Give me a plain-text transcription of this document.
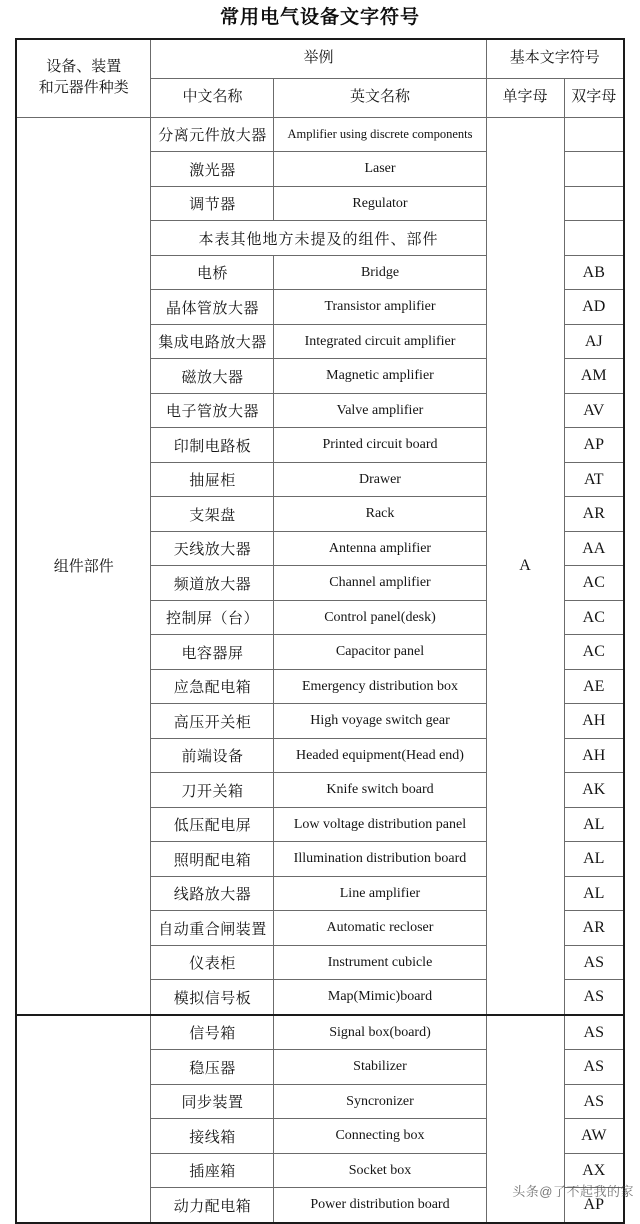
常用电气设备文字符号
设备、装置
和元器件种类	举例		基本文字符号	
	中文名称	英文名称	单字母	双字母
组件部件	分离元件放大器	Amplifier using discrete components	A	
	激光器	Laser		
	调节器	Regulator		
	本表其他地方未提及的组件、部件			
	电桥	Bridge		AB
	晶体管放大器	Transistor amplifier		AD
	集成电路放大器	Integrated circuit amplifier		AJ
	磁放大器	Magnetic amplifier		AM
	电子管放大器	Valve amplifier		AV
	印制电路板	Printed circuit board		AP
	抽屉柜	Drawer		AT
	支架盘	Rack		AR
	天线放大器	Antenna amplifier		AA
	频道放大器	Channel amplifier		AC
	控制屏（台）	Control panel(desk)		AC
	电容器屏	Capacitor panel		AC
	应急配电箱	Emergency distribution box		AE
	高压开关柜	High voyage switch gear		AH
	前端设备	Headed equipment(Head end)		AH
	刀开关箱	Knife switch board		AK
	低压配电屏	Low voltage distribution panel		AL
	照明配电箱	Illumination distribution board		AL
	线路放大器	Line amplifier		AL
	自动重合闸装置	Automatic recloser		AR
	仪表柜	Instrument cubicle		AS
	模拟信号板	Map(Mimic)board		AS
	信号箱	Signal box(board)		AS
	稳压器	Stabilizer		AS
	同步装置	Syncronizer		AS
	接线箱	Connecting box		AW
	插座箱	Socket box		AX
	动力配电箱	Power distribution board		AP
头条@了不起我的家
